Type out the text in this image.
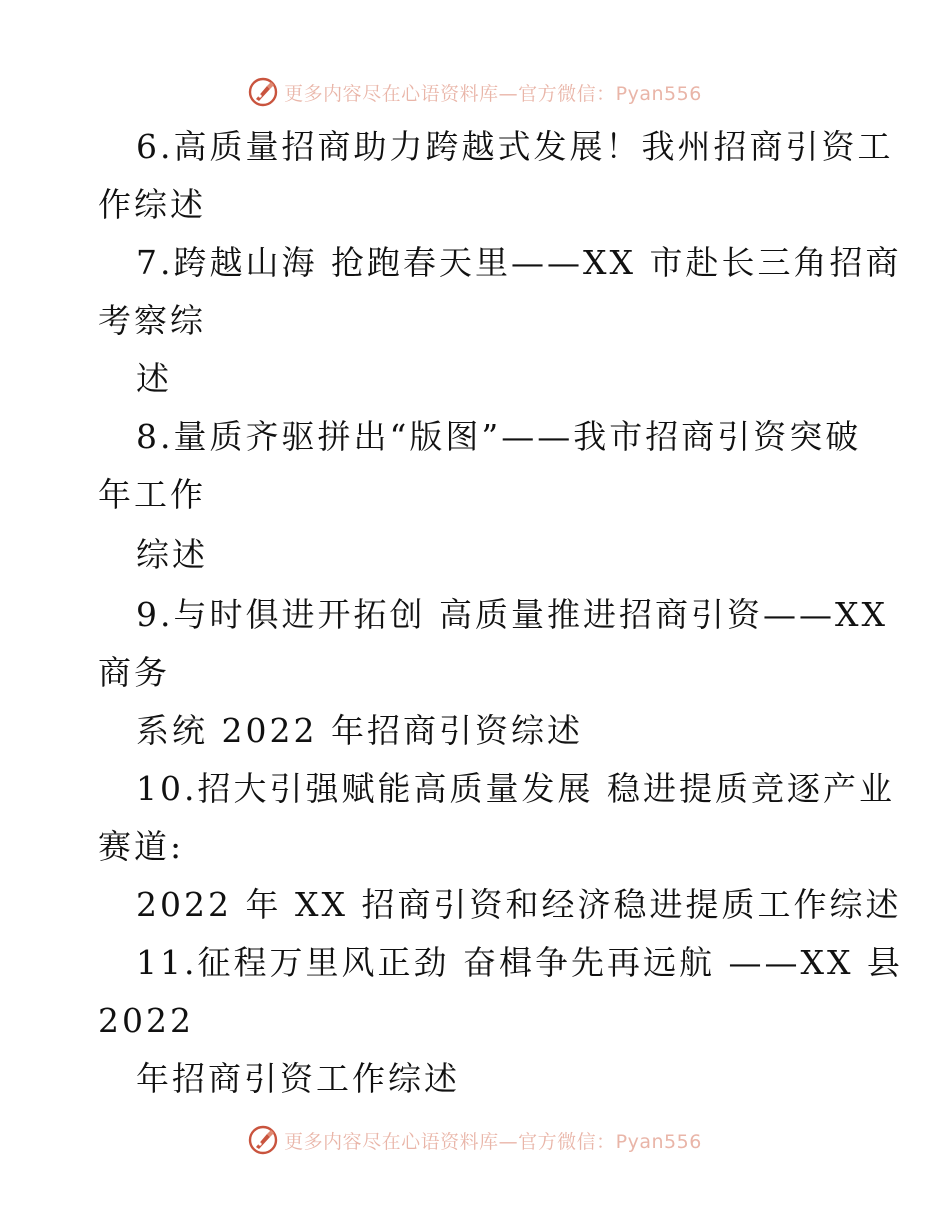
更多内容尽在心语资料库—官方微信：Pyan556
6.高质量招商助力跨越式发展！我州招商引资工
作综述
7.跨越山海 抢跑春天里——XX 市赴长三角招商
考察综
述
8.量质齐驱拼出“版图”——我市招商引资突破
年工作
综述
9.与时俱进开拓创 高质量推进招商引资——XX
商务
系统 2022 年招商引资综述
10.招大引强赋能高质量发展 稳进提质竞逐产业
赛道:
2022 年 XX 招商引资和经济稳进提质工作综述
11.征程万里风正劲 奋楫争先再远航 ——XX 县
2022
年招商引资工作综述
更多内容尽在心语资料库—官方微信：Pyan556
